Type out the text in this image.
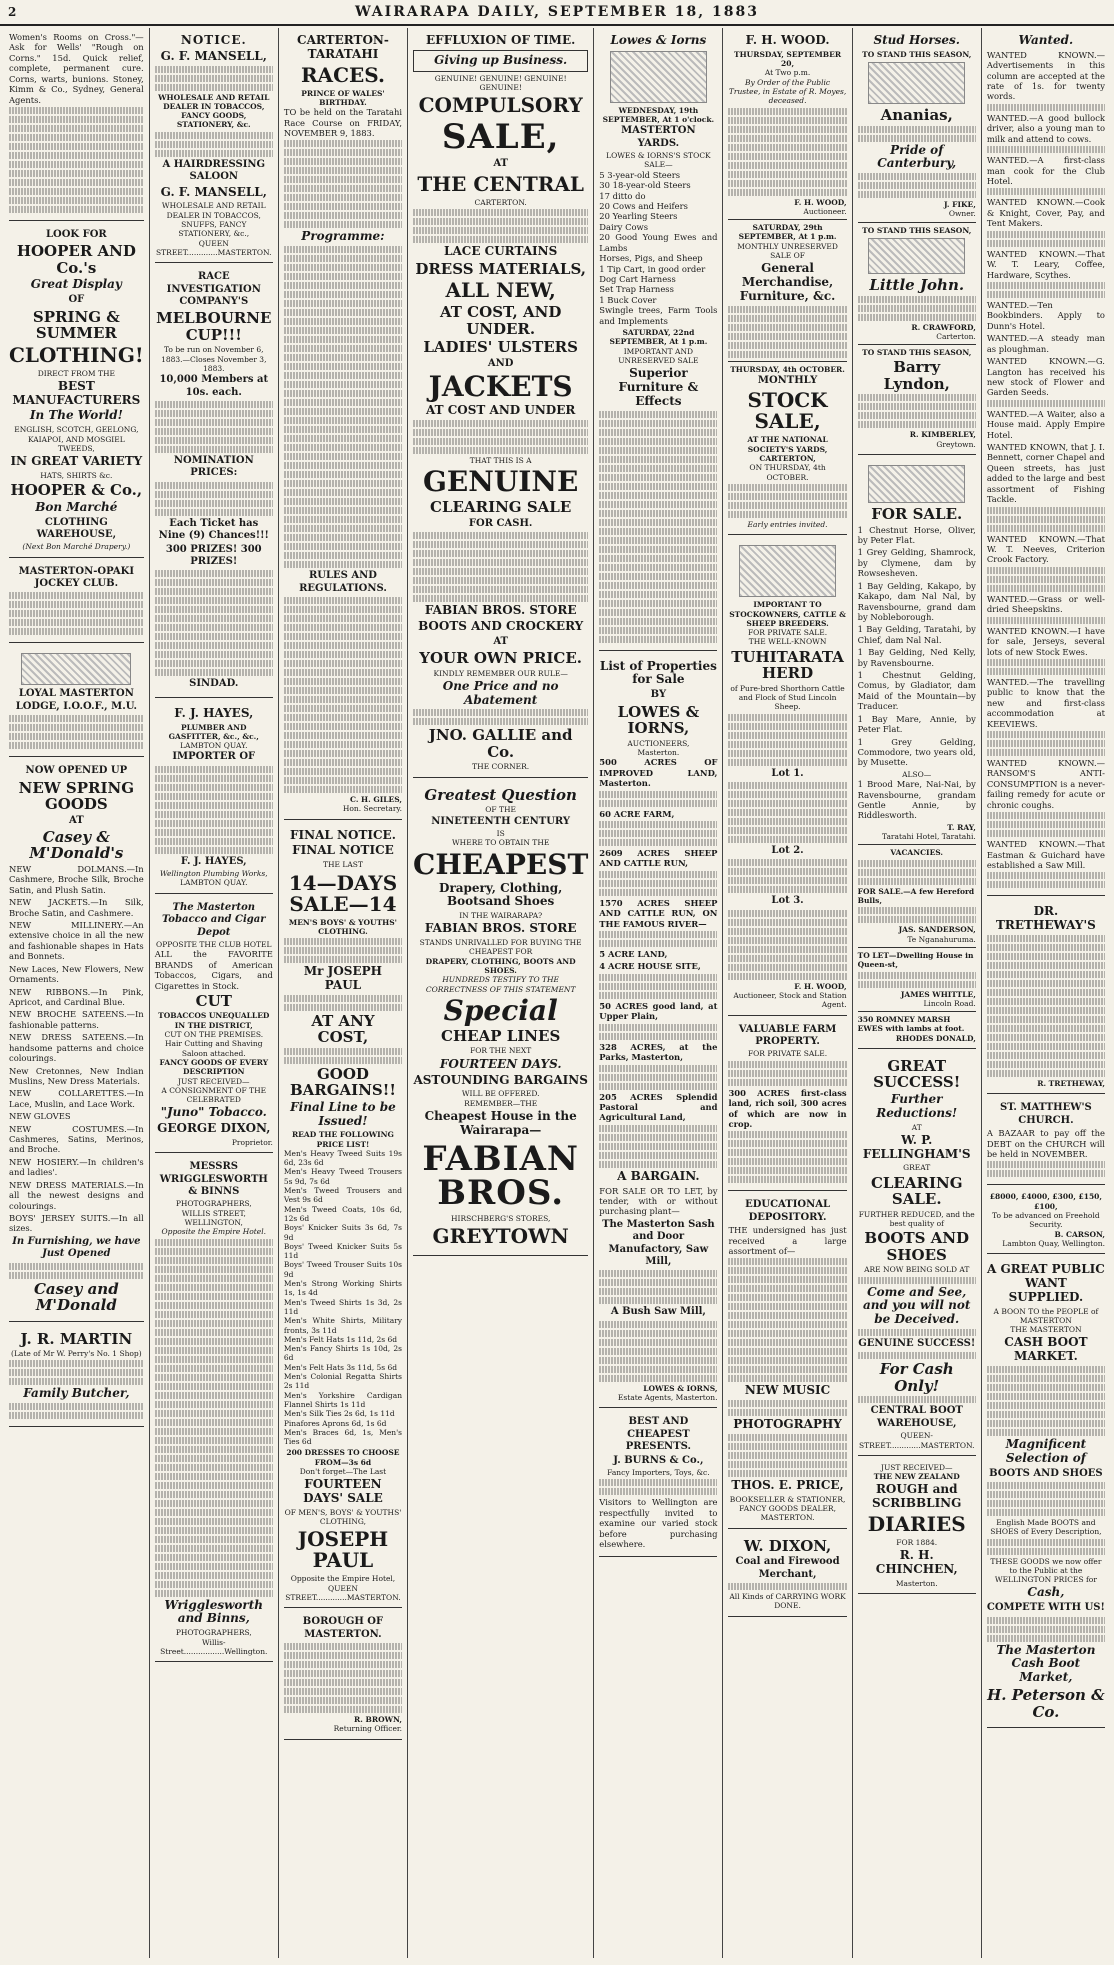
2	WAIRARAPA DAILY, SEPTEMBER 18, 1883

Women's Rooms on Cross."—Ask for Wells' "Rough on Corns." 15d. Quick relief, complete, permanent cure. Corns, warts, bunions. Stoney, Kimm & Co., Sydney, General Agents.

LOOK FOR
HOOPER AND Co.'s
Great Display
OF
SPRING & SUMMER
CLOTHING!
DIRECT FROM THE
BEST MANUFACTURERS
In The World!
ENGLISH, SCOTCH, GEELONG, KAIAPOI, AND MOSGIEL TWEEDS,
IN GREAT VARIETY
HATS, SHIRTS &c.
HOOPER & Co.,
Bon Marché
CLOTHING WAREHOUSE,
(Next Bon Marché Drapery.)
MASTERTON-OPAKI JOCKEY CLUB.
LOYAL MASTERTON LODGE, I.O.O.F., M.U.
NOW OPENED UP
NEW SPRING GOODS
AT
Casey & M'Donald's

NEW DOLMANS.—In Cashmere, Broche Silk, Broche Satin, and Plush Satin.

NEW JACKETS.—In Silk, Broche Satin, and Cashmere.

NEW MILLINERY.—An extensive choice in all the new and fashionable shapes in Hats and Bonnets.

New Laces, New Flowers, New Ornaments.

NEW RIBBONS.—In Pink, Apricot, and Cardinal Blue.

NEW BROCHE SATEENS.—In fashionable patterns.

NEW DRESS SATEENS.—In handsome patterns and choice colourings.

New Cretonnes, New Indian Muslins, New Dress Materials.

NEW COLLARETTES.—In Lace, Muslin, and Lace Work.

NEW GLOVES

NEW COSTUMES.—In Cashmeres, Satins, Merinos, and Broche.

NEW HOSIERY.—In children's and ladies'.

NEW DRESS MATERIALS.—In all the newest designs and colourings.

BOYS' JERSEY SUITS.—In all sizes.

In Furnishing, we have Just Opened
Casey and M'Donald
J. R. MARTIN
(Late of Mr W. Perry's No. 1 Shop)
Family Butcher,
NOTICE.
G. F. MANSELL,
WHOLESALE AND RETAIL DEALER IN TOBACCOS, FANCY GOODS, STATIONERY, &c.
A HAIRDRESSING SALOON
G. F. MANSELL,
WHOLESALE AND RETAIL DEALER IN TOBACCOS, SNUFFS, FANCY STATIONERY, &c.,
QUEEN STREET.............MASTERTON.
RACE INVESTIGATION COMPANY'S
MELBOURNE CUP!!!
To be run on November 6, 1883.—Closes November 3, 1883.
10,000 Members at 10s. each.
NOMINATION PRICES:
Each Ticket has Nine (9) Chances!!!
300 PRIZES! 300 PRIZES!
SINDAD.
F. J. HAYES,
PLUMBER AND GASFITTER, &c., &c.,
LAMBTON QUAY.
IMPORTER OF
F. J. HAYES,
Wellington Plumbing Works,
LAMBTON QUAY.
The Masterton Tobacco and Cigar Depot
OPPOSITE THE CLUB HOTEL

ALL the FAVORITE BRANDS of American Tobaccos, Cigars, and Cigarettes in Stock.

CUT
TOBACCOS UNEQUALLED IN THE DISTRICT,
CUT ON THE PREMISES.
Hair Cutting and Shaving Saloon attached.
FANCY GOODS OF EVERY DESCRIPTION
JUST RECEIVED—
A CONSIGNMENT OF THE CELEBRATED
"Juno" Tobacco.
GEORGE DIXON,
Proprietor.
MESSRS WRIGGLESWORTH & BINNS
PHOTOGRAPHERS,
WILLIS STREET, WELLINGTON,
Opposite the Empire Hotel.
Wrigglesworth and Binns,
PHOTOGRAPHERS,
Willis-Street.................Wellington.
CARTERTON-TARATAHI
RACES.
PRINCE OF WALES' BIRTHDAY.

TO be held on the Taratahi Race Course on FRIDAY, NOVEMBER 9, 1883.

Programme:
RULES AND REGULATIONS.
C. H. GILES,
Hon. Secretary.
FINAL NOTICE.
FINAL NOTICE
THE LAST
14—DAYS SALE—14
MEN'S BOYS' & YOUTHS' CLOTHING.
Mr JOSEPH PAUL
AT ANY COST,
GOOD BARGAINS!!
Final Line to be Issued!
READ THE FOLLOWING PRICE LIST!

Men's Heavy Tweed Suits 19s 6d, 23s 6d
Men's Heavy Tweed Trousers 5s 9d, 7s 6d
Men's Tweed Trousers and Vest 9s 6d
Men's Tweed Coats, 10s 6d, 12s 6d
Boys' Knicker Suits 3s 6d, 7s 9d
Boys' Tweed Knicker Suits 5s 11d
Boys' Tweed Trouser Suits 10s 9d
Men's Strong Working Shirts 1s, 1s 4d
Men's Tweed Shirts 1s 3d, 2s 11d
Men's White Shirts, Military fronts, 3s 11d
Men's Felt Hats 1s 11d, 2s 6d
Men's Fancy Shirts 1s 10d, 2s 6d
Men's Felt Hats 3s 11d, 5s 6d
Men's Colonial Regatta Shirts 2s 11d
Men's Yorkshire Cardigan Flannel Shirts 1s 11d
Men's Silk Ties 2s 6d, 1s 11d
Pinafores Aprons 6d, 1s 6d
Men's Braces 6d, 1s, Men's Ties 6d

200 DRESSES TO CHOOSE FROM—3s 6d
Don't forget—The Last
FOURTEEN DAYS' SALE
OF MEN'S, BOYS' & YOUTHS' CLOTHING,
JOSEPH PAUL
Opposite the Empire Hotel,
QUEEN STREET.............MASTERTON.
BOROUGH OF MASTERTON.
R. BROWN,
Returning Officer.
EFFLUXION OF TIME.
Giving up Business.
GENUINE! GENUINE! GENUINE! GENUINE!
COMPULSORY
SALE,
AT
THE CENTRAL
CARTERTON.
LACE CURTAINS
DRESS MATERIALS,
ALL NEW,
AT COST, AND UNDER.
LADIES' ULSTERS
AND
JACKETS
AT COST AND UNDER
THAT THIS IS A
GENUINE
CLEARING SALE
FOR CASH.
FABIAN BROS. STORE
BOOTS AND CROCKERY
AT
YOUR OWN PRICE.
KINDLY REMEMBER OUR RULE—
One Price and no Abatement
JNO. GALLIE and Co.
THE CORNER.
Greatest Question
OF THE
NINETEENTH CENTURY
IS
WHERE TO OBTAIN THE
CHEAPEST
Drapery, Clothing, Bootsand Shoes
IN THE WAIRARAPA?
FABIAN BROS. STORE
STANDS UNRIVALLED FOR BUYING THE
CHEAPEST FOR
DRAPERY, CLOTHING, BOOTS AND SHOES.
HUNDREDS TESTIFY TO THE CORRECTNESS OF THIS STATEMENT
Special
CHEAP LINES
FOR THE NEXT
FOURTEEN DAYS.
ASTOUNDING BARGAINS
WILL BE OFFERED.
REMEMBER—THE
Cheapest House in the Wairarapa—
FABIAN BROS.
HIRSCHBERG'S STORES,
GREYTOWN
Lowes & Iorns
WEDNESDAY, 19th SEPTEMBER, At 1 o'clock.
MASTERTON YARDS.
LOWES & IORNS'S STOCK SALE—

5 3-year-old Steers
30 18-year-old Steers
17 ditto do
20 Cows and Heifers
20 Yearling Steers
Dairy Cows
20 Good Young Ewes and Lambs
Horses, Pigs, and Sheep
1 Tip Cart, in good order
Dog Cart Harness
Set Trap Harness
1 Buck Cover
Swingle trees, Farm Tools and Implements

SATURDAY, 22nd SEPTEMBER, At 1 p.m.
IMPORTANT AND UNRESERVED SALE
Superior Furniture & Effects
List of Properties for Sale
BY
LOWES & IORNS,
AUCTIONEERS,
Masterton.

500 ACRES OF IMPROVED LAND, Masterton.

60 ACRE FARM,

2609 ACRES SHEEP AND CATTLE RUN,

1570 ACRES SHEEP AND CATTLE RUN, ON THE FAMOUS RIVER—

5 ACRE LAND,

4 ACRE HOUSE SITE,

50 ACRES good land, at Upper Plain,

328 ACRES, at the Parks, Masterton,

205 ACRES Splendid Pastoral and Agricultural Land,

A BARGAIN.

FOR SALE OR TO LET, by tender, with or without purchasing plant—

The Masterton Sash and Door Manufactory, Saw Mill,
A Bush Saw Mill,
LOWES & IORNS,
Estate Agents, Masterton.
BEST AND CHEAPEST PRESENTS.
J. BURNS & Co.,
Fancy Importers, Toys, &c.

Visitors to Wellington are respectfully invited to examine our varied stock before purchasing elsewhere.

F. H. WOOD.
THURSDAY, SEPTEMBER 20,
At Two p.m.
By Order of the Public Trustee, in Estate of R. Moyes, deceased.
F. H. WOOD,
Auctioneer.
SATURDAY, 29th SEPTEMBER, At 1 p.m.
MONTHLY UNRESERVED SALE OF
General Merchandise, Furniture, &c.
THURSDAY, 4th OCTOBER.
MONTHLY
STOCK SALE,
AT THE NATIONAL SOCIETY'S YARDS, CARTERTON,
ON THURSDAY, 4th OCTOBER.
Early entries invited.
IMPORTANT TO STOCKOWNERS, CATTLE & SHEEP BREEDERS.
FOR PRIVATE SALE.
THE WELL-KNOWN
TUHITARATA HERD
of Pure-bred Shorthorn Cattle and Flock of Stud Lincoln Sheep.
Lot 1.
Lot 2.
Lot 3.
F. H. WOOD,
Auctioneer, Stock and Station Agent.
VALUABLE FARM PROPERTY.
FOR PRIVATE SALE.

300 ACRES first-class land, rich soil, 300 acres of which are now in crop.

EDUCATIONAL DEPOSITORY.

THE undersigned has just received a large assortment of—

NEW MUSIC
PHOTOGRAPHY
THOS. E. PRICE,
BOOKSELLER & STATIONER, FANCY GOODS DEALER, MASTERTON.
W. DIXON,
Coal and Firewood Merchant,
All Kinds of CARRYING WORK DONE.
Stud Horses.
TO STAND THIS SEASON,
Ananias,
Pride of Canterbury,
J. FIKE,
Owner.
TO STAND THIS SEASON,
Little John.
R. CRAWFORD,
Carterton.
TO STAND THIS SEASON,
Barry Lyndon,
R. KIMBERLEY,
Greytown.
FOR SALE.

1 Chestnut Horse, Oliver, by Peter Flat.

1 Grey Gelding, Shamrock, by Clymene, dam by Rowsesheven.

1 Bay Gelding, Kakapo, by Kakapo, dam Nal Nal, by Ravensbourne, grand dam by Nobleborough.

1 Bay Gelding, Taratahi, by Chief, dam Nal Nal.

1 Bay Gelding, Ned Kelly, by Ravensbourne.

1 Chestnut Gelding, Comus, by Gladiator, dam Maid of the Mountain—by Traducer.

1 Bay Mare, Annie, by Peter Flat.

1 Grey Gelding, Commodore, two years old, by Musette.

ALSO—

1 Brood Mare, Nai-Nai, by Ravensbourne, grandam Gentle Annie, by Riddlesworth.

T. RAY,
Taratahi Hotel, Taratahi.
VACANCIES.
FOR SALE.—A few Hereford Bulls,
JAS. SANDERSON,
Te Nganahuruma.
TO LET—Dwelling House in Queen-st,
JAMES WHITTLE,
Lincoln Road.
350 ROMNEY MARSH EWES with lambs at foot.
RHODES DONALD,
GREAT SUCCESS!
Further Reductions!
AT
W. P. FELLINGHAM'S
GREAT
CLEARING SALE.
FURTHER REDUCED, and the best quality of
BOOTS AND SHOES
ARE NOW BEING SOLD AT
Come and See, and you will not be Deceived.
GENUINE SUCCESS!
For Cash Only!
CENTRAL BOOT WAREHOUSE,
QUEEN-STREET.............MASTERTON.
JUST RECEIVED—
THE NEW ZEALAND
ROUGH and SCRIBBLING
DIARIES
FOR 1884.
R. H. CHINCHEN,
Masterton.
Wanted.

WANTED KNOWN.—Advertisements in this column are accepted at the rate of 1s. for twenty words.

WANTED.—A good bullock driver, also a young man to milk and attend to cows.

WANTED.—A first-class man cook for the Club Hotel.

WANTED KNOWN.—Cook & Knight, Cover, Pay, and Tent Makers.

WANTED KNOWN.—That W. T. Leary, Coffee, Hardware, Scythes.

WANTED.—Ten Bookbinders. Apply to Dunn's Hotel.

WANTED.—A steady man as ploughman.

WANTED KNOWN.—G. Langton has received his new stock of Flower and Garden Seeds.

WANTED.—A Waiter, also a House maid. Apply Empire Hotel.

WANTED KNOWN, that J. I. Bennett, corner Chapel and Queen streets, has just added to the large and best assortment of Fishing Tackle.

WANTED KNOWN.—That W. T. Neeves, Criterion Crook Factory.

WANTED.—Grass or well-dried Sheepskins.

WANTED KNOWN.—I have for sale, Jerseys, several lots of new Stock Ewes.

WANTED.—The travelling public to know that the new and first-class accommodation at KEEVIEWS.

WANTED KNOWN.—RANSOM'S ANTI-CONSUMPTION is a never-failing remedy for acute or chronic coughs.

WANTED KNOWN.—That Eastman & Guichard have established a Saw Mill.

DR. TRETHEWAY'S
R. TRETHEWAY,
ST. MATTHEW'S CHURCH.

A BAZAAR to pay off the DEBT on the CHURCH will be held in NOVEMBER.

£8000, £4000, £300, £150, £100,
To be advanced on Freehold Security.
B. CARSON,
Lambton Quay, Wellington.
A GREAT PUBLIC WANT SUPPLIED.
A BOON TO the PEOPLE of MASTERTON
THE MASTERTON
CASH BOOT MARKET.
Magnificent Selection of
BOOTS AND SHOES
English Made BOOTS and SHOES of Every Description,
THESE GOODS we now offer to the Public at the WELLINGTON PRICES for
Cash,
COMPETE WITH US!
The Masterton Cash Boot Market,
H. Peterson & Co.
